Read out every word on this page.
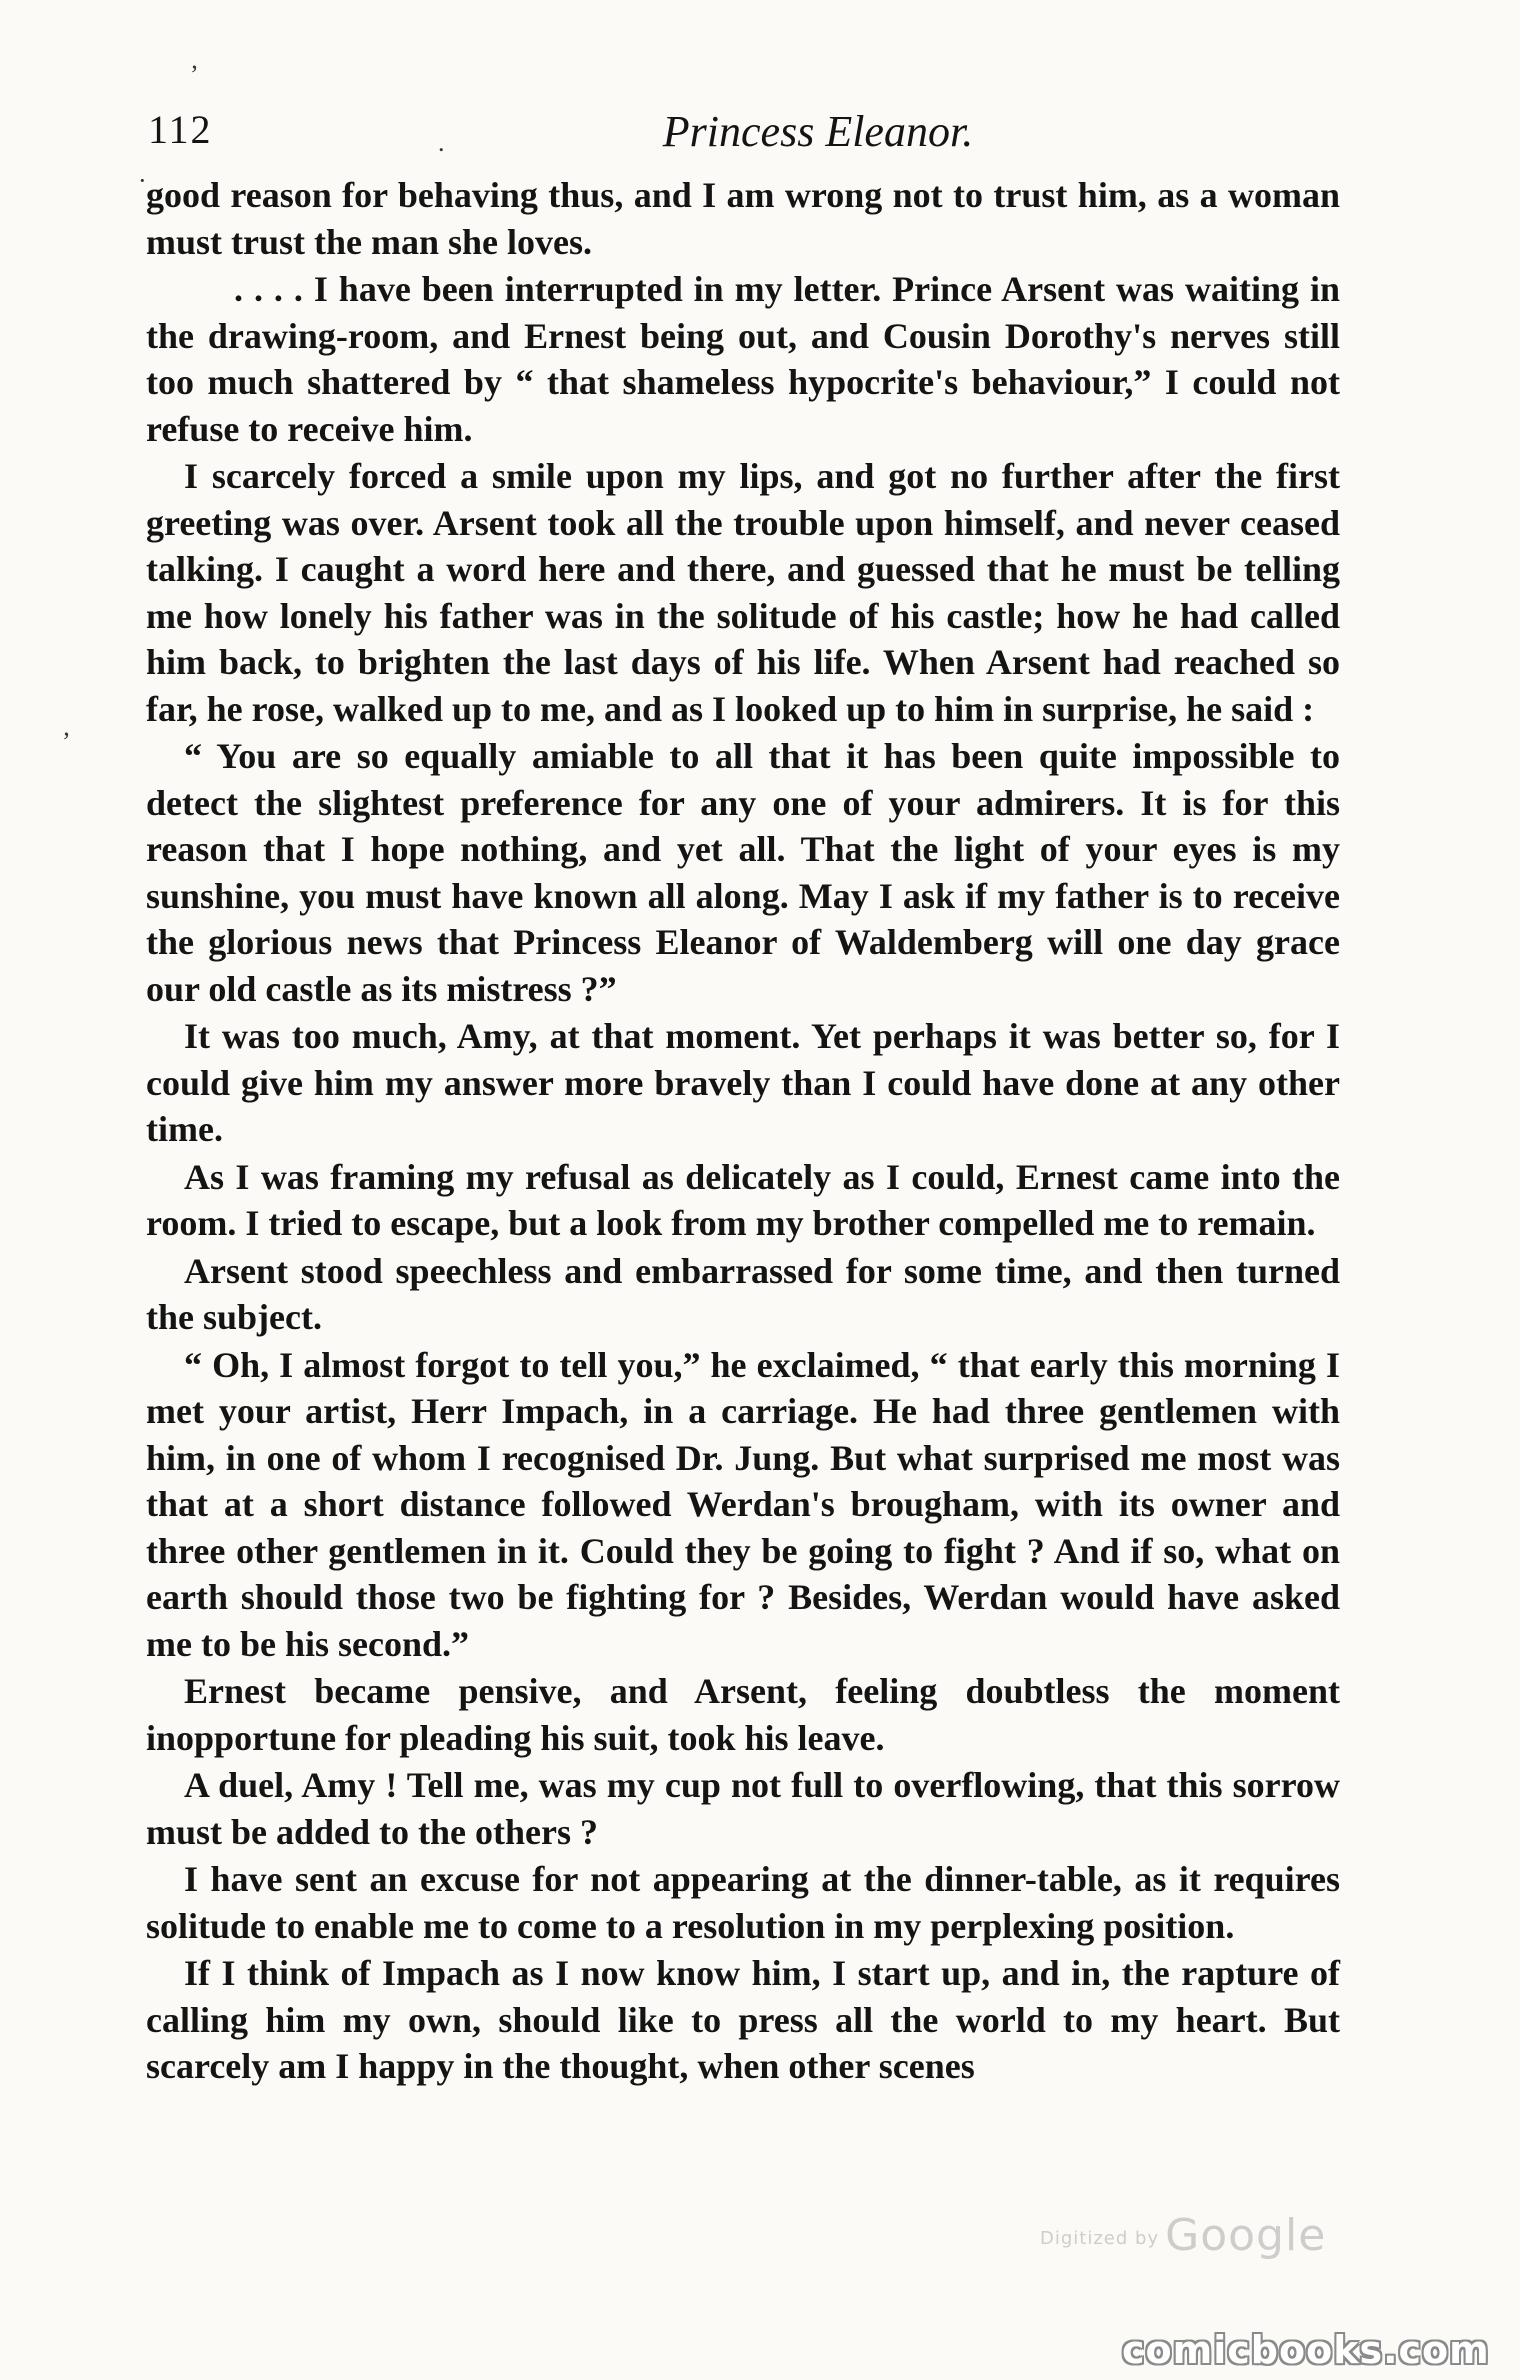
’
·
‚
.
112	Princess Eleanor.

good reason for behaving thus, and I am wrong not to trust him, as a woman must trust the man she loves.

. . . . I have been interrupted in my letter. Prince Arsent was waiting in the drawing-room, and Ernest being out, and Cousin Dorothy's nerves still too much shattered by “ that shameless hypocrite's behaviour,” I could not refuse to receive him.

I scarcely forced a smile upon my lips, and got no further after the first greeting was over. Arsent took all the trouble upon himself, and never ceased talking. I caught a word here and there, and guessed that he must be telling me how lonely his father was in the solitude of his castle; how he had called him back, to brighten the last days of his life. When Arsent had reached so far, he rose, walked up to me, and as I looked up to him in surprise, he said :

“ You are so equally amiable to all that it has been quite impossible to detect the slightest preference for any one of your admirers. It is for this reason that I hope nothing, and yet all. That the light of your eyes is my sunshine, you must have known all along. May I ask if my father is to receive the glorious news that Princess Eleanor of Waldemberg will one day grace our old castle as its mistress ?”

It was too much, Amy, at that moment. Yet perhaps it was better so, for I could give him my answer more bravely than I could have done at any other time.

As I was framing my refusal as delicately as I could, Ernest came into the room. I tried to escape, but a look from my brother compelled me to remain.

Arsent stood speechless and embarrassed for some time, and then turned the subject.

“ Oh, I almost forgot to tell you,” he exclaimed, “ that early this morning I met your artist, Herr Impach, in a carriage. He had three gentlemen with him, in one of whom I recognised Dr. Jung. But what surprised me most was that at a short distance followed Werdan's brougham, with its owner and three other gentlemen in it. Could they be going to fight ? And if so, what on earth should those two be fighting for ? Besides, Werdan would have asked me to be his second.”

Ernest became pensive, and Arsent, feeling doubtless the moment inopportune for pleading his suit, took his leave.

A duel, Amy ! Tell me, was my cup not full to overflowing, that this sorrow must be added to the others ?

I have sent an excuse for not appearing at the dinner-table, as it requires solitude to enable me to come to a resolution in my perplexing position.

If I think of Impach as I now know him, I start up, and in, the rapture of calling him my own, should like to press all the world to my heart. But scarcely am I happy in the thought, when other scenes

Digitized by Google
comicbooks.com
